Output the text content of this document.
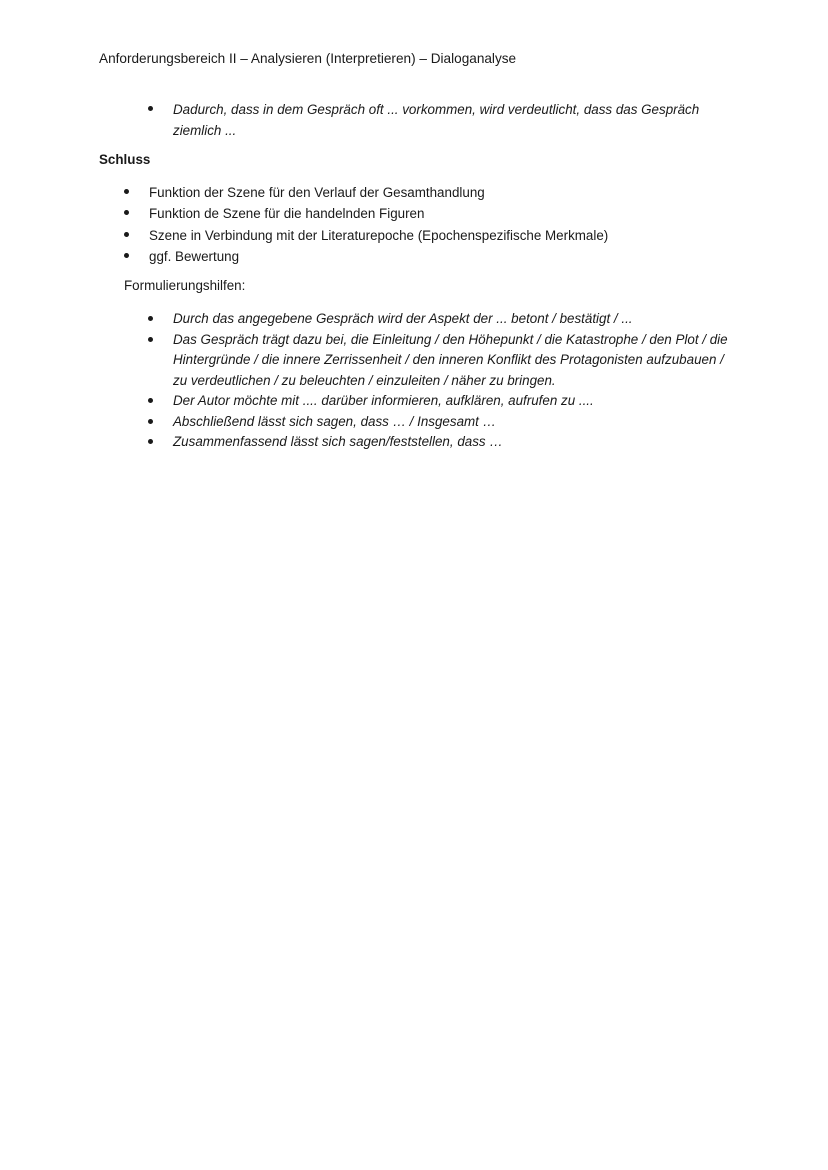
Anforderungsbereich II – Analysieren (Interpretieren) – Dialoganalyse
Dadurch, dass in dem Gespräch oft ... vorkommen, wird verdeutlicht, dass das Gespräch ziemlich ...
Schluss
Funktion der Szene für den Verlauf der Gesamthandlung
Funktion de Szene für die handelnden Figuren
Szene in Verbindung mit der Literaturepoche (Epochenspezifische Merkmale)
ggf. Bewertung
Formulierungshilfen:
Durch das angegebene Gespräch wird der Aspekt der ... betont / bestätigt / ...
Das Gespräch trägt dazu bei, die Einleitung / den Höhepunkt / die Katastrophe / den Plot / die Hintergründe / die innere Zerrissenheit / den inneren Konflikt des Protagonisten aufzubauen / zu verdeutlichen / zu beleuchten / einzuleiten / näher zu bringen.
Der Autor möchte mit .... darüber informieren, aufklären, aufrufen zu ....
Abschließend lässt sich sagen, dass … / Insgesamt …
Zusammenfassend lässt sich sagen/feststellen, dass …
